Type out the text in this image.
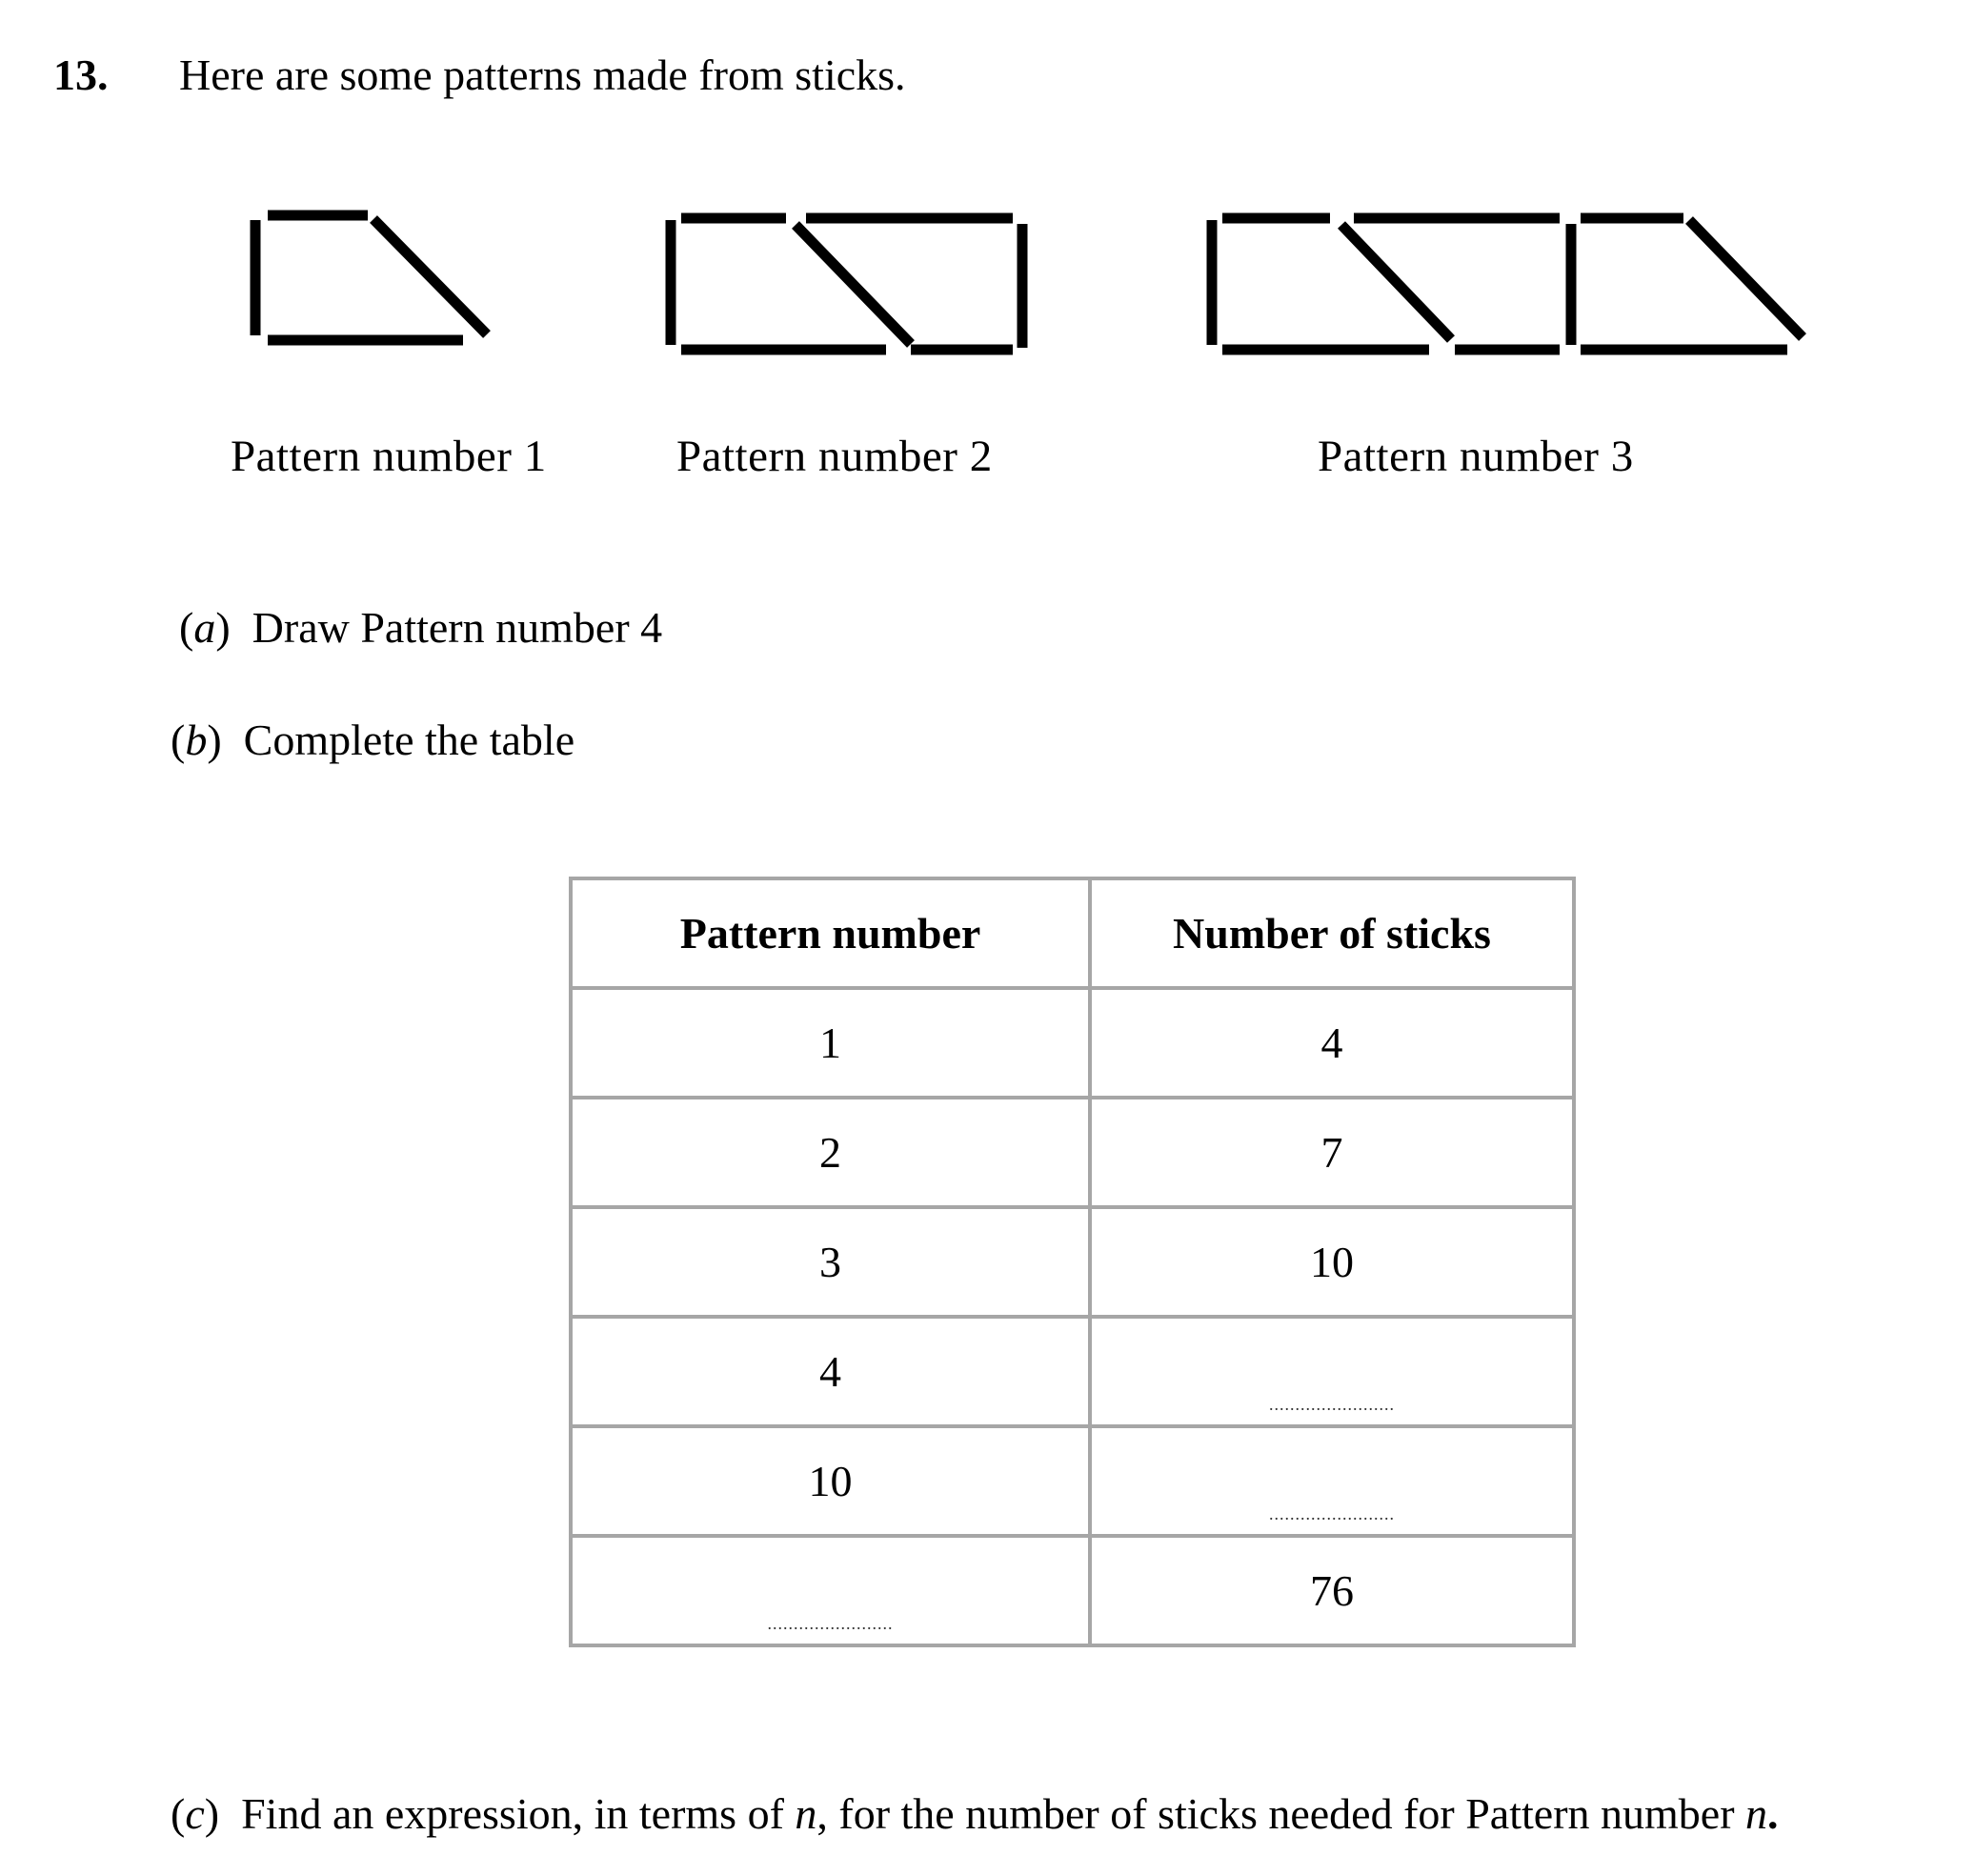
13. Here are some patterns made from sticks.
Pattern number 1	Pattern number 2	Pattern number 3
(a)  Draw Pattern number 4
(b)  Complete the table
Pattern number	Number of sticks
1	4
2	7
3	10
4	........................

10	........................

........................	76
(c)  Find an expression, in terms of n, for the number of sticks needed for Pattern number n.
